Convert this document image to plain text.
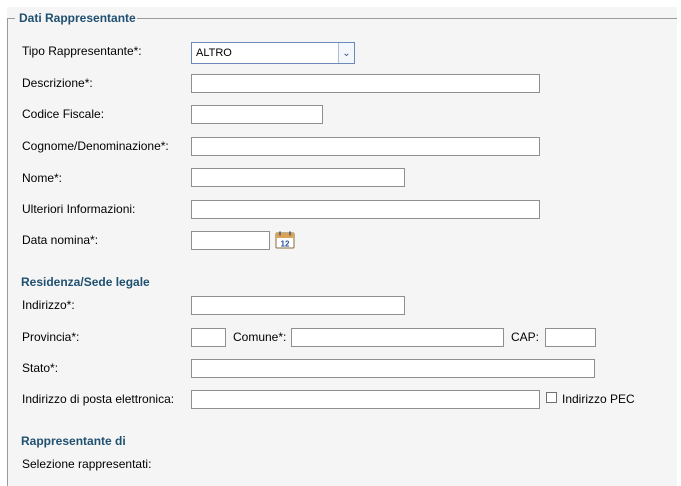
Dati Rappresentante
Tipo Rappresentante*:	ALTRO	⌄
Descrizione*:
Codice Fiscale:
Cognome/Denominazione*:
Nome*:
Ulteriori Informazioni:
Data nomina*:	12
Residenza/Sede legale
Indirizzo*:
Provincia*:	Comune*:	CAP:
Stato*:
Indirizzo di posta elettronica:	Indirizzo PEC
Rappresentante di
Selezione rappresentati:
